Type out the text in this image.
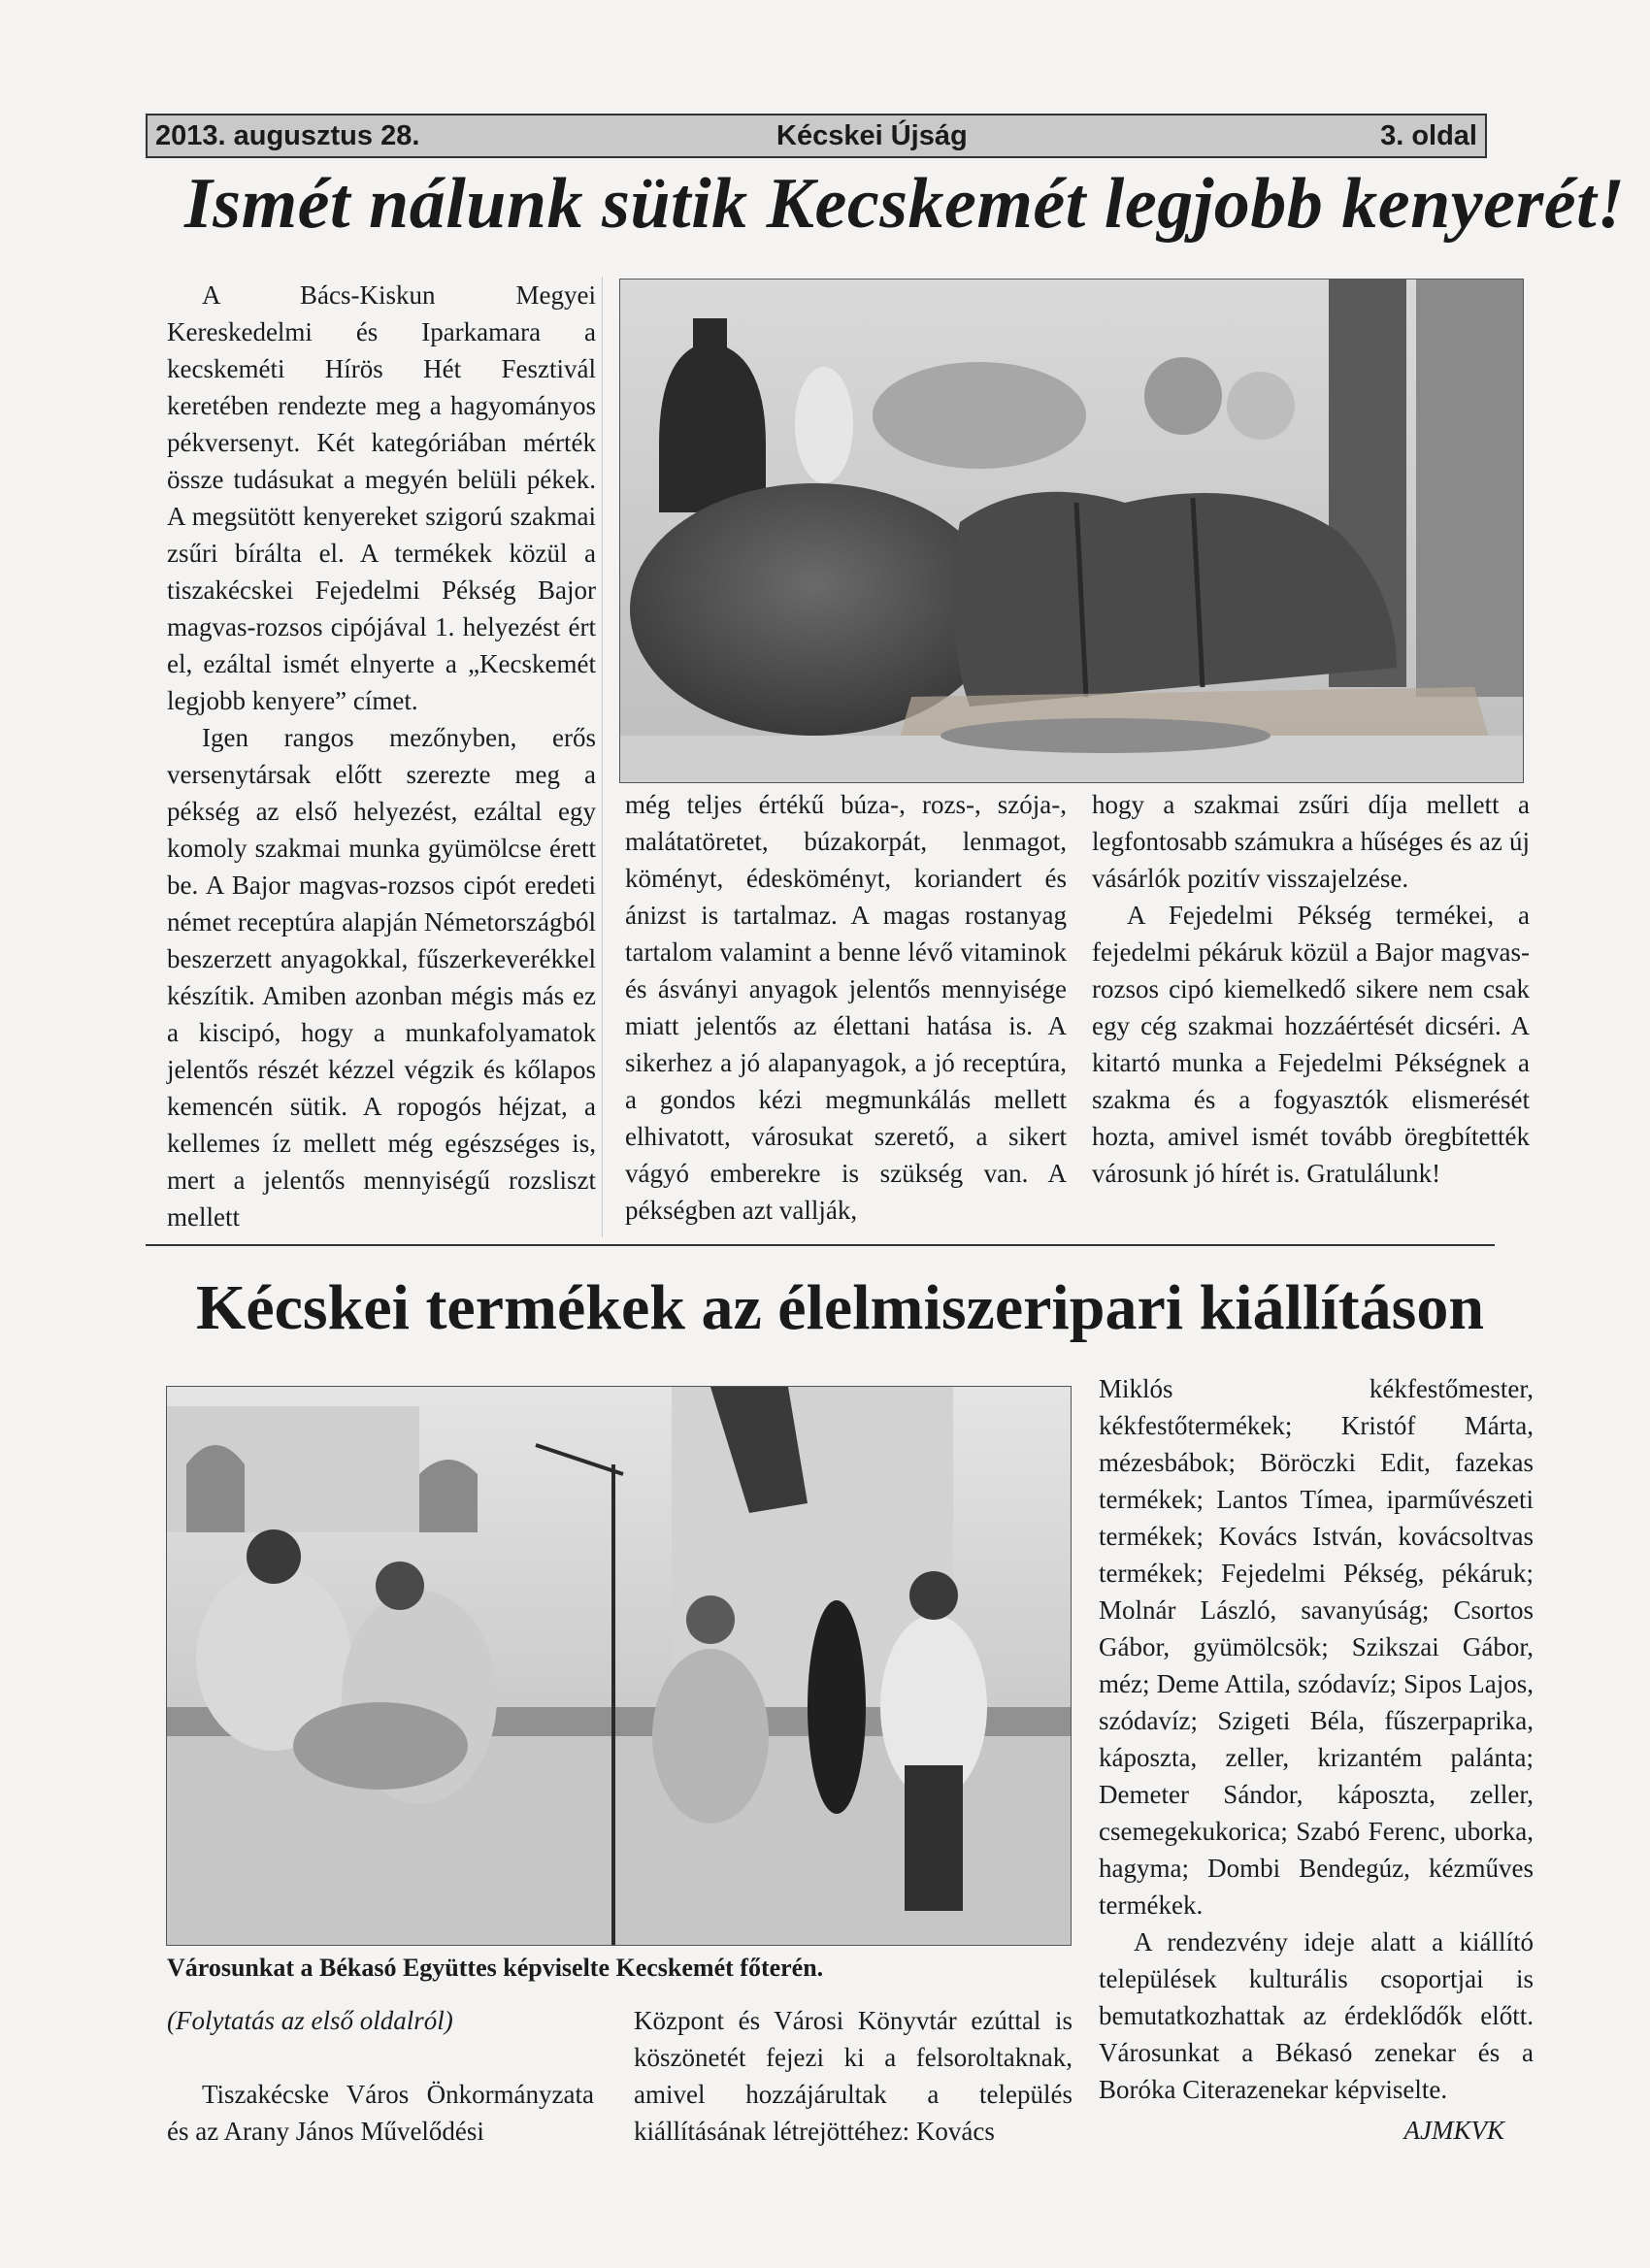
2013. augusztus 28.	Kécskei Újság	3. oldal
Ismét nálunk sütik Kecskemét legjobb kenyerét!

A Bács-Kiskun Megyei Kereskedelmi és Iparkamara a kecskeméti Hírös Hét Fesztivál keretében rendezte meg a hagyományos pékversenyt. Két kategóriában mérték össze tudásukat a megyén belüli pékek. A megsütött kenyereket szigorú szakmai zsűri bírálta el. A termékek közül a tiszakécskei Fejedelmi Pékség Bajor magvas-rozsos cipójával 1. helyezést ért el, ezáltal ismét elnyerte a „Kecskemét legjobb kenyere” címet.

Igen rangos mezőnyben, erős versenytársak előtt szerezte meg a pékség az első helyezést, ezáltal egy komoly szakmai munka gyümölcse érett be. A Bajor magvas-rozsos cipót eredeti német receptúra alapján Németországból beszerzett anyagokkal, fűszerkeverékkel készítik. Amiben azonban mégis más ez a kiscipó, hogy a munkafolyamatok jelentős részét kézzel végzik és kőlapos kemencén sütik. A ropogós héjzat, a kellemes íz mellett még egészséges is, mert a jelentős mennyiségű rozsliszt mellett

még teljes értékű búza-, rozs-, szója-, malátatöretet, búzakorpát, lenmagot, köményt, édesköményt, koriandert és ánizst is tartalmaz. A magas rostanyag tartalom valamint a benne lévő vitaminok és ásványi anyagok jelentős mennyisége miatt jelentős az élettani hatása is. A sikerhez a jó alapanyagok, a jó receptúra, a gondos kézi megmunkálás mellett elhivatott, városukat szerető, a sikert vágyó emberekre is szükség van. A pékségben azt vallják,

hogy a szakmai zsűri díja mellett a legfontosabb számukra a hűséges és az új vásárlók pozitív visszajelzése.

A Fejedelmi Pékség termékei, a fejedelmi pékáruk közül a Bajor magvas-rozsos cipó kiemelkedő sikere nem csak egy cég szakmai hozzáértését dicséri. A kitartó munka a Fejedelmi Pékségnek a szakma és a fogyasztók elismerését hozta, amivel ismét tovább öregbítették városunk jó hírét is. Gratulálunk!

Kécskei termékek az élelmiszeripari kiállításon
Városunkat a Békasó Együttes képviselte Kecskemét főterén.

Miklós kékfestőmester, kékfestőtermékek; Kristóf Márta, mézesbábok; Böröczki Edit, fazekas termékek; Lantos Tímea, iparművészeti termékek; Kovács István, kovácsoltvas termékek; Fejedelmi Pékség, pékáruk; Molnár László, savanyúság; Csortos Gábor, gyümölcsök; Szikszai Gábor, méz; Deme Attila, szódavíz; Sipos Lajos, szódavíz; Szigeti Béla, fűszerpaprika, káposzta, zeller, krizantém palánta; Demeter Sándor, káposzta, zeller, csemegekukorica; Szabó Ferenc, uborka, hagyma; Dombi Bendegúz, kézműves termékek.

A rendezvény ideje alatt a kiállító települések kulturális csoportjai is bemutatkozhattak az érdeklődők előtt. Városunkat a Békasó zenekar és a Boróka Citerazenekar képviselte.

(Folytatás az első oldalról)

Tiszakécske Város Önkormányzata és az Arany János Művelődési

Központ és Városi Könyvtár ezúttal is köszönetét fejezi ki a felsoroltaknak, amivel hozzájárultak a település kiállításának létrejöttéhez: Kovács	AJMKVK
